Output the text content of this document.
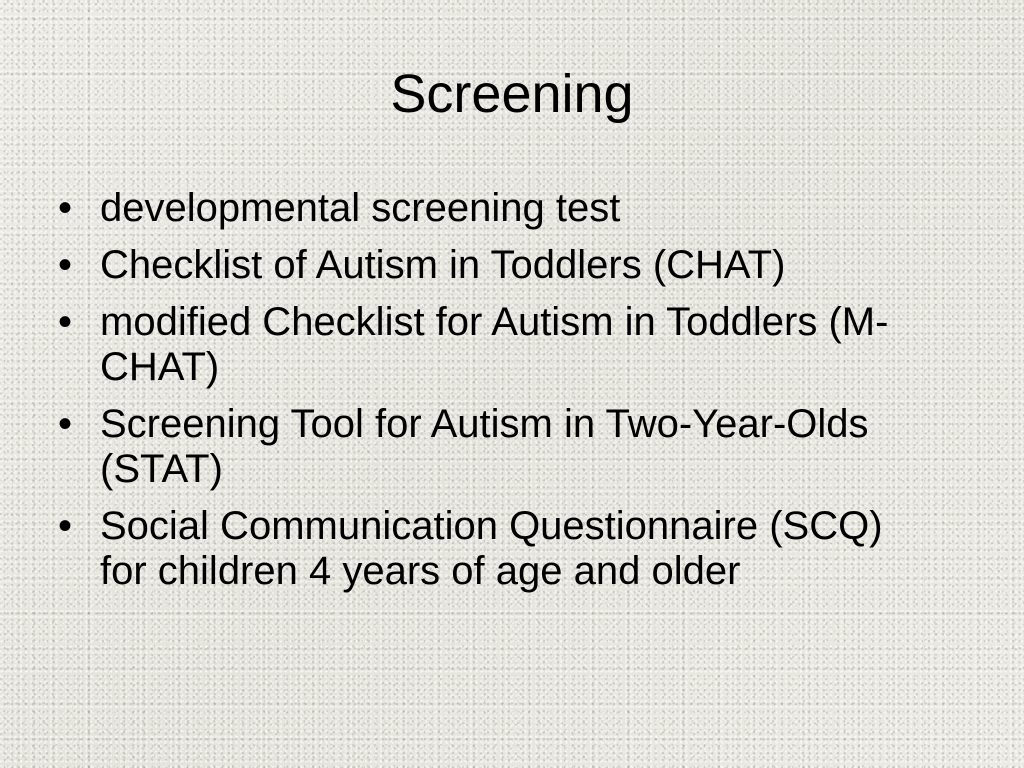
Screening
• developmental screening test
• Checklist of Autism in Toddlers (CHAT)
• modified Checklist for Autism in Toddlers (M-CHAT)
• Screening Tool for Autism in Two-Year-Olds (STAT)
• Social Communication Questionnaire (SCQ) for children 4 years of age and older
